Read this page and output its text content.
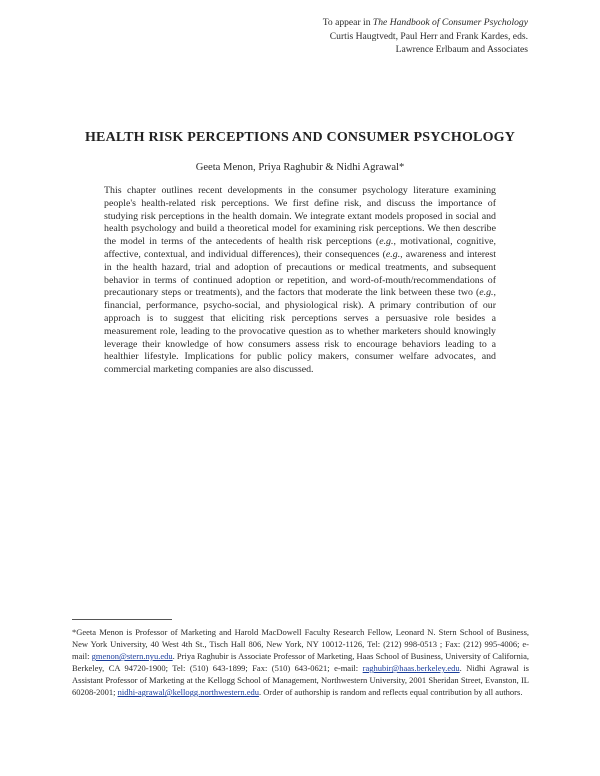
To appear in The Handbook of Consumer Psychology
Curtis Haugtvedt, Paul Herr and Frank Kardes, eds.
Lawrence Erlbaum and Associates
HEALTH RISK PERCEPTIONS AND CONSUMER PSYCHOLOGY
Geeta Menon, Priya Raghubir & Nidhi Agrawal*
This chapter outlines recent developments in the consumer psychology literature examining people's health-related risk perceptions. We first define risk, and discuss the importance of studying risk perceptions in the health domain. We integrate extant models proposed in social and health psychology and build a theoretical model for examining risk perceptions. We then describe the model in terms of the antecedents of health risk perceptions (e.g., motivational, cognitive, affective, contextual, and individual differences), their consequences (e.g., awareness and interest in the health hazard, trial and adoption of precautions or medical treatments, and subsequent behavior in terms of continued adoption or repetition, and word-of-mouth/recommendations of precautionary steps or treatments), and the factors that moderate the link between these two (e.g., financial, performance, psycho-social, and physiological risk). A primary contribution of our approach is to suggest that eliciting risk perceptions serves a persuasive role besides a measurement role, leading to the provocative question as to whether marketers should knowingly leverage their knowledge of how consumers assess risk to encourage behaviors leading to a healthier lifestyle. Implications for public policy makers, consumer welfare advocates, and commercial marketing companies are also discussed.
*Geeta Menon is Professor of Marketing and Harold MacDowell Faculty Research Fellow, Leonard N. Stern School of Business, New York University, 40 West 4th St., Tisch Hall 806, New York, NY 10012-1126, Tel: (212) 998-0513 ; Fax: (212) 995-4006; e-mail: gmenon@stern.nyu.edu. Priya Raghubir is Associate Professor of Marketing, Haas School of Business, University of California, Berkeley, CA 94720-1900; Tel: (510) 643-1899; Fax: (510) 643-0621; e-mail: raghubir@haas.berkeley.edu. Nidhi Agrawal is Assistant Professor of Marketing at the Kellogg School of Management, Northwestern University, 2001 Sheridan Street, Evanston, IL 60208-2001; nidhi-agrawal@kellogg.northwestern.edu. Order of authorship is random and reflects equal contribution by all authors.
